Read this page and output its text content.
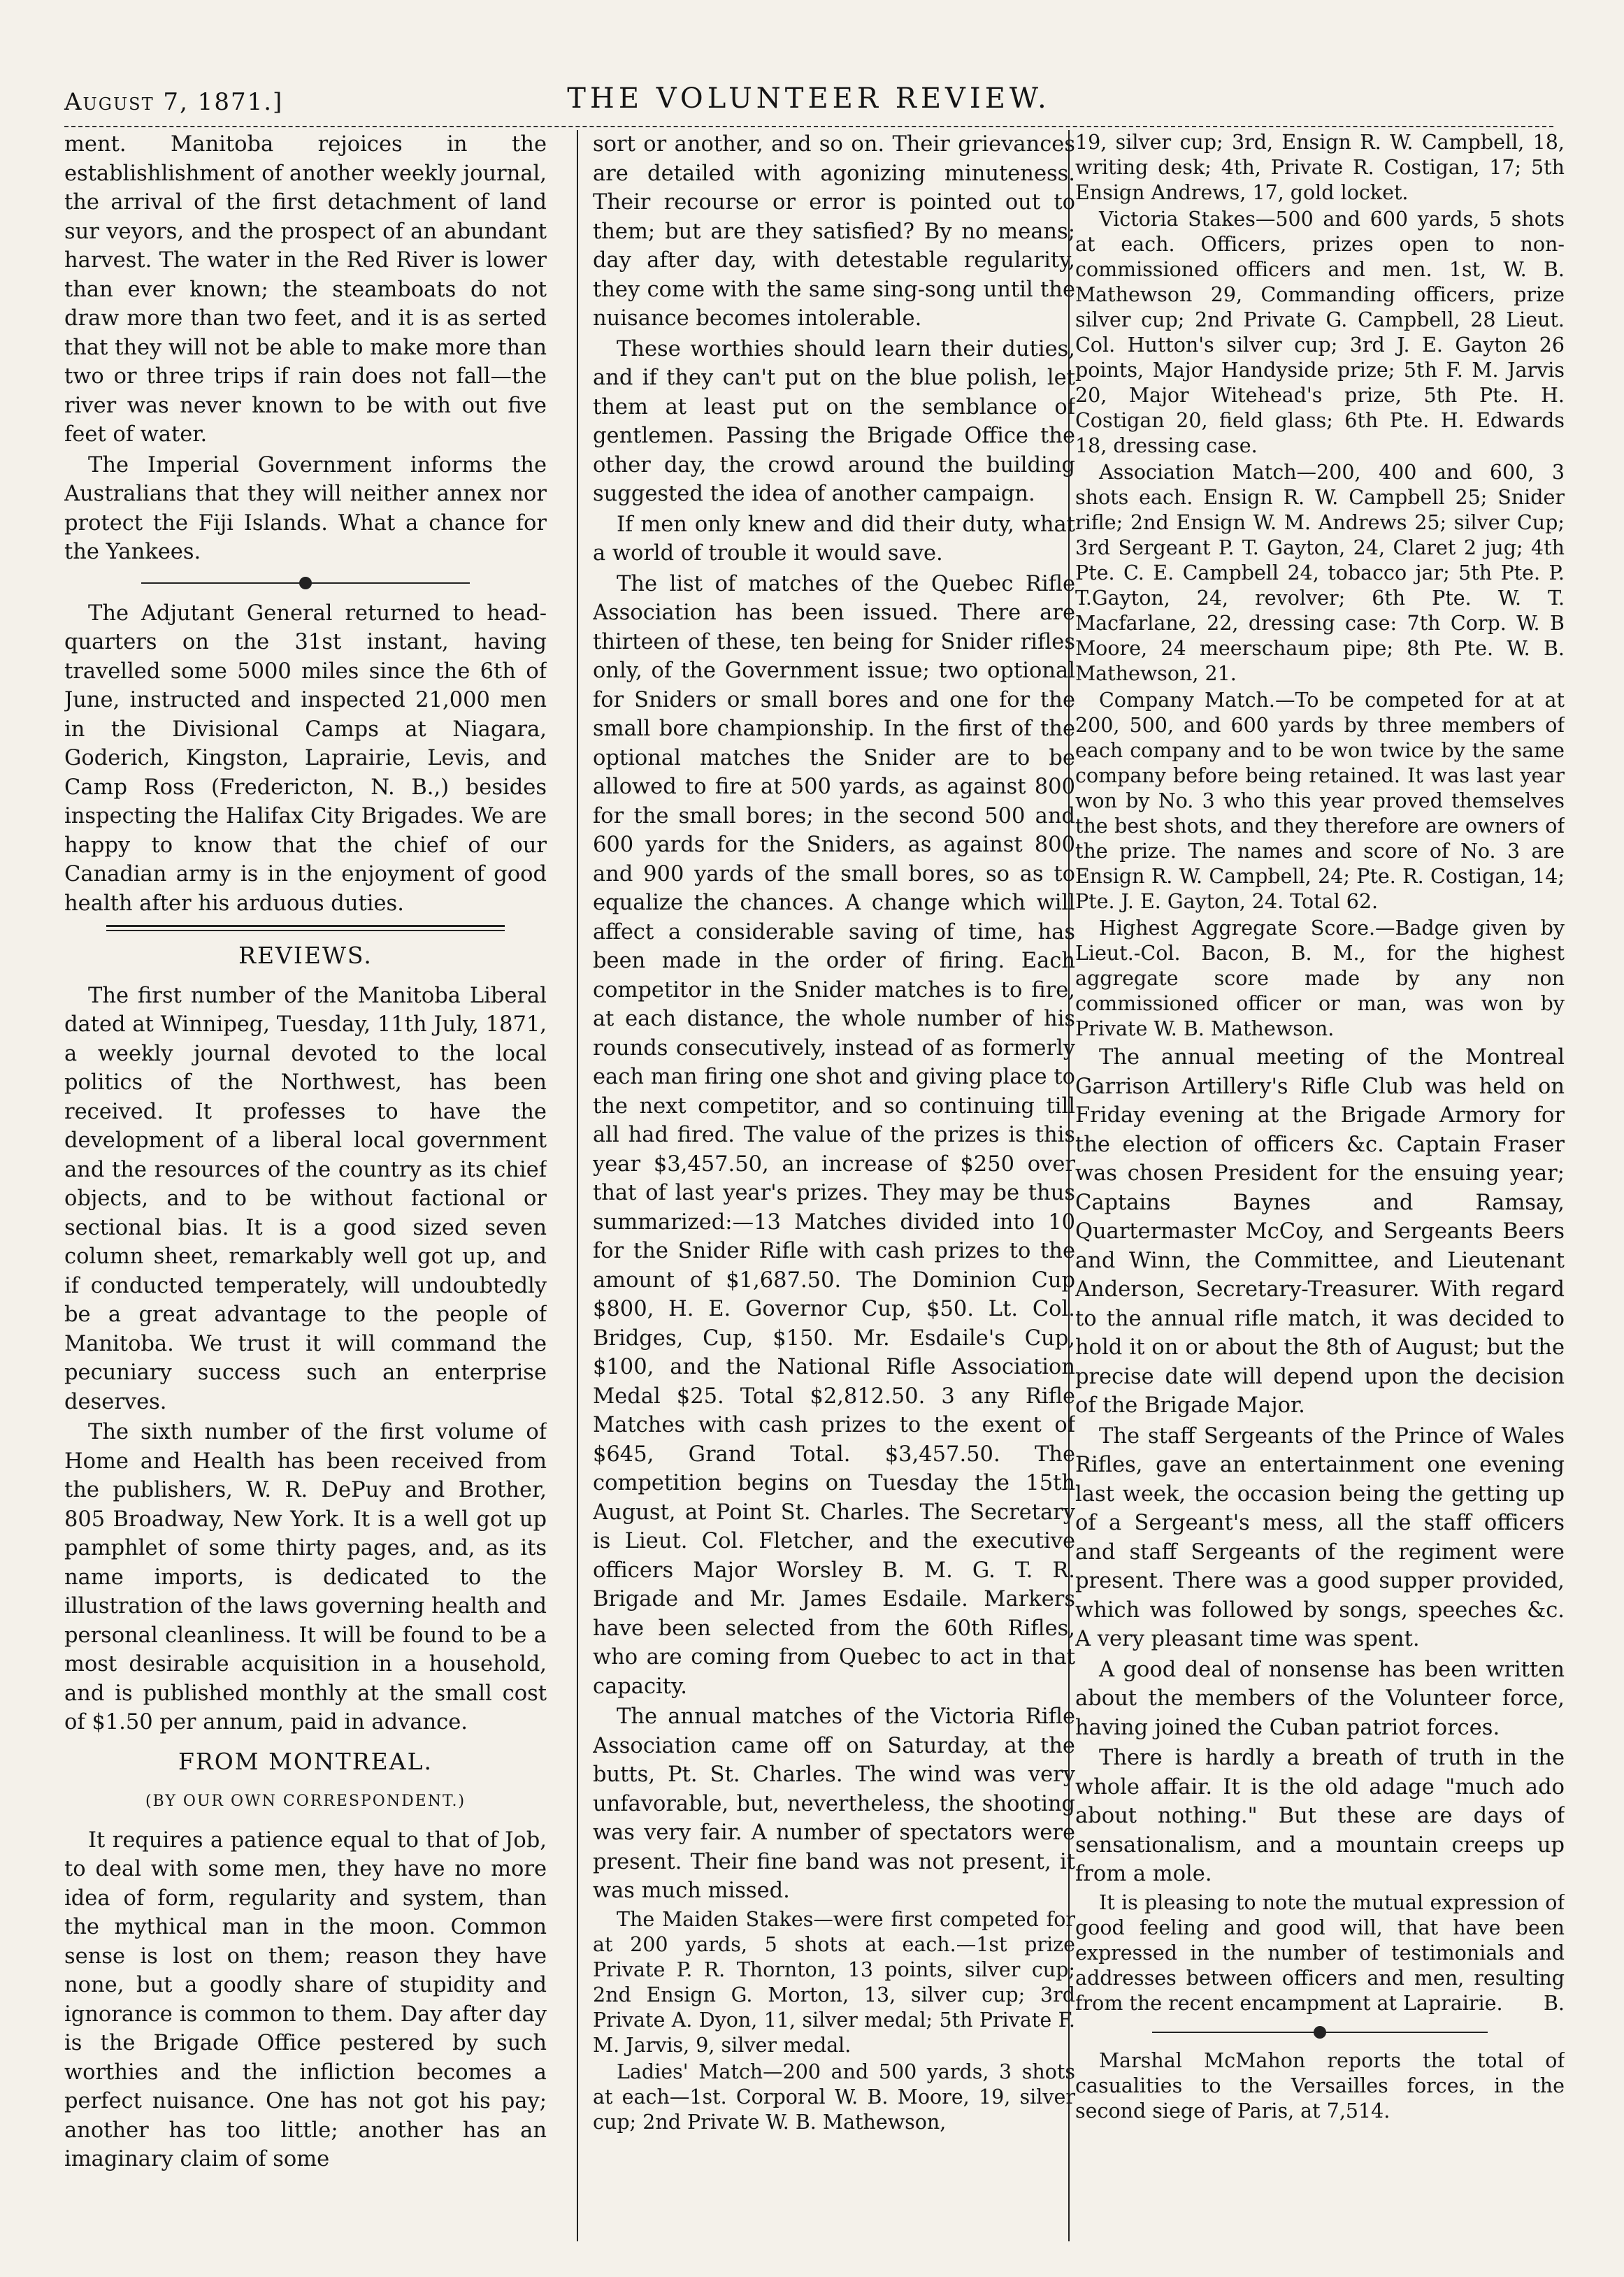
August 7, 1871.]	THE VOLUNTEER REVIEW.

ment. Manitoba rejoices in the establishlishment of another weekly journal, the arrival of the first detachment of land sur veyors, and the prospect of an abundant harvest. The water in the Red River is lower than ever known; the steamboats do not draw more than two feet, and it is as serted that they will not be able to make more than two or three trips if rain does not fall—the river was never known to be with out five feet of water.

The Imperial Government informs the Australians that they will neither annex nor protect the Fiji Islands. What a chance for the Yankees.

The Adjutant General returned to head-quarters on the 31st instant, having travelled some 5000 miles since the 6th of June, instructed and inspected 21,000 men in the Divisional Camps at Niagara, Goderich, Kingston, Laprairie, Levis, and Camp Ross (Fredericton, N. B.,) besides inspecting the Halifax City Brigades. We are happy to know that the chief of our Canadian army is in the enjoyment of good health after his arduous duties.

REVIEWS.

The first number of the Manitoba Liberal dated at Winnipeg, Tuesday, 11th July, 1871, a weekly journal devoted to the local politics of the Northwest, has been received. It professes to have the development of a liberal local government and the resources of the country as its chief objects, and to be without factional or sectional bias. It is a good sized seven column sheet, remarkably well got up, and if conducted temperately, will undoubtedly be a great advantage to the people of Manitoba. We trust it will command the pecuniary success such an enterprise deserves.

The sixth number of the first volume of Home and Health has been received from the publishers, W. R. DePuy and Brother, 805 Broadway, New York. It is a well got up pamphlet of some thirty pages, and, as its name imports, is dedicated to the illustration of the laws governing health and personal cleanliness. It will be found to be a most desirable acquisition in a household, and is published monthly at the small cost of $1.50 per annum, paid in advance.

FROM MONTREAL.
(BY OUR OWN CORRESPONDENT.)

It requires a patience equal to that of Job, to deal with some men, they have no more idea of form, regularity and system, than the mythical man in the moon. Common sense is lost on them; reason they have none, but a goodly share of stupidity and ignorance is common to them. Day after day is the Brigade Office pestered by such worthies and the infliction becomes a perfect nuisance. One has not got his pay; another has too little; another has an imaginary claim of some

sort or another, and so on. Their grievances are detailed with agonizing minuteness. Their recourse or error is pointed out to them; but are they satisfied? By no means; day after day, with detestable regularity, they come with the same sing-song until the nuisance becomes intolerable.

These worthies should learn their duties, and if they can't put on the blue polish, let them at least put on the semblance of gentlemen. Passing the Brigade Office the other day, the crowd around the building suggested the idea of another campaign.

If men only knew and did their duty, what a world of trouble it would save.

The list of matches of the Quebec Rifle Association has been issued. There are thirteen of these, ten being for Snider rifles only, of the Government issue; two optional for Sniders or small bores and one for the small bore championship. In the first of the optional matches the Snider are to be allowed to fire at 500 yards, as against 800 for the small bores; in the second 500 and 600 yards for the Sniders, as against 800 and 900 yards of the small bores, so as to equalize the chances. A change which will affect a considerable saving of time, has been made in the order of firing. Each competitor in the Snider matches is to fire, at each distance, the whole number of his rounds consecutively, instead of as formerly each man firing one shot and giving place to the next competitor, and so continuing till all had fired. The value of the prizes is this year $3,457.50, an increase of $250 over that of last year's prizes. They may be thus summarized:—13 Matches divided into 10 for the Snider Rifle with cash prizes to the amount of $1,687.50. The Dominion Cup $800, H. E. Governor Cup, $50. Lt. Col. Bridges, Cup, $150. Mr. Esdaile's Cup, $100, and the National Rifle Association Medal $25. Total $2,812.50. 3 any Rifle Matches with cash prizes to the exent of $645, Grand Total. $3,457.50. The competition begins on Tuesday the 15th August, at Point St. Charles. The Secretary is Lieut. Col. Fletcher, and the executive officers Major Worsley B. M. G. T. R. Brigade and Mr. James Esdaile. Markers have been selected from the 60th Rifles, who are coming from Quebec to act in that capacity.

The annual matches of the Victoria Rifle Association came off on Saturday, at the butts, Pt. St. Charles. The wind was very unfavorable, but, nevertheless, the shooting was very fair. A number of spectators were present. Their fine band was not present, it was much missed.

The Maiden Stakes—were first competed for at 200 yards, 5 shots at each.—1st prize Private P. R. Thornton, 13 points, silver cup; 2nd Ensign G. Morton, 13, silver cup; 3rd Private A. Dyon, 11, silver medal; 5th Private F. M. Jarvis, 9, silver medal.

Ladies' Match—200 and 500 yards, 3 shots at each—1st. Corporal W. B. Moore, 19, silver cup; 2nd Private W. B. Mathewson,

19, silver cup; 3rd, Ensign R. W. Campbell, 18, writing desk; 4th, Private R. Costigan, 17; 5th Ensign Andrews, 17, gold locket.

Victoria Stakes—500 and 600 yards, 5 shots at each. Officers, prizes open to non-commissioned officers and men. 1st, W. B. Mathewson 29, Commanding officers, prize silver cup; 2nd Private G. Campbell, 28 Lieut. Col. Hutton's silver cup; 3rd J. E. Gayton 26 points, Major Handyside prize; 5th F. M. Jarvis 20, Major Witehead's prize, 5th Pte. H. Costigan 20, field glass; 6th Pte. H. Edwards 18, dressing case.

Association Match—200, 400 and 600, 3 shots each. Ensign R. W. Campbell 25; Snider rifle; 2nd Ensign W. M. Andrews 25; silver Cup; 3rd Sergeant P. T. Gayton, 24, Claret 2 jug; 4th Pte. C. E. Campbell 24, tobacco jar; 5th Pte. P. T.Gayton, 24, revolver; 6th Pte. W. T. Macfarlane, 22, dressing case: 7th Corp. W. B Moore, 24 meerschaum pipe; 8th Pte. W. B. Mathewson, 21.

Company Match.—To be competed for at at 200, 500, and 600 yards by three members of each company and to be won twice by the same company before being retained. It was last year won by No. 3 who this year proved themselves the best shots, and they therefore are owners of the prize. The names and score of No. 3 are Ensign R. W. Campbell, 24; Pte. R. Costigan, 14; Pte. J. E. Gayton, 24. Total 62.

Highest Aggregate Score.—Badge given by Lieut.-Col. Bacon, B. M., for the highest aggregate score made by any non commissioned officer or man, was won by Private W. B. Mathewson.

The annual meeting of the Montreal Garrison Artillery's Rifle Club was held on Friday evening at the Brigade Armory for the election of officers &c. Captain Fraser was chosen President for the ensuing year; Captains Baynes and Ramsay, Quartermaster McCoy, and Sergeants Beers and Winn, the Committee, and Lieutenant Anderson, Secretary-Treasurer. With regard to the annual rifle match, it was decided to hold it on or about the 8th of August; but the precise date will depend upon the decision of the Brigade Major.

The staff Sergeants of the Prince of Wales Rifles, gave an entertainment one evening last week, the occasion being the getting up of a Sergeant's mess, all the staff officers and staff Sergeants of the regiment were present. There was a good supper provided, which was followed by songs, speeches &c. A very pleasant time was spent.

A good deal of nonsense has been written about the members of the Volunteer force, having joined the Cuban patriot forces.

There is hardly a breath of truth in the whole affair. It is the old adage "much ado about nothing." But these are days of sensationalism, and a mountain creeps up from a mole.

It is pleasing to note the mutual expression of good feeling and good will, that have been expressed in the number of testimonials and addresses between officers and men, resulting from the recent encampment at Laprairie.	B.

Marshal McMahon reports the total of casualities to the Versailles forces, in the second siege of Paris, at 7,514.
